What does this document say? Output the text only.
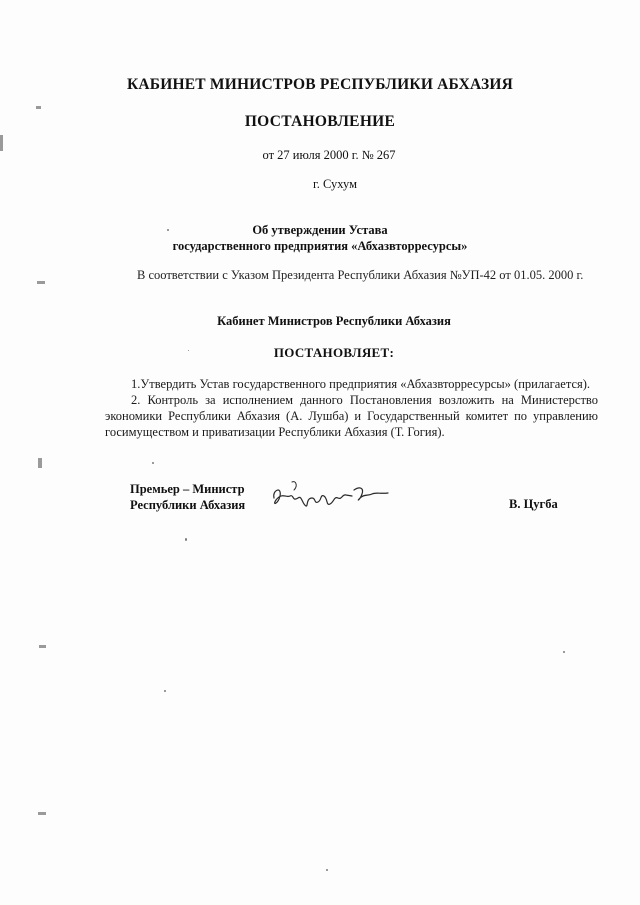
КАБИНЕТ МИНИСТРОВ РЕСПУБЛИКИ АБХАЗИЯ
ПОСТАНОВЛЕНИЕ
от 27 июля 2000 г. № 267
г. Сухум
Об утверждении Устава
государственного предприятия «Абхазвторресурсы»
В соответствии с Указом Президента Республики Абхазия №УП-42 от 01.05. 2000 г.
Кабинет Министров Республики Абхазия
ПОСТАНОВЛЯЕТ:

1.Утвердить Устав государственного предприятия «Абхазвторресурсы» (прилагается).

2. Контроль за исполнением данного Постановления возложить на Министерство экономики Республики Абхазия (А. Лушба) и Государственный комитет по управлению госимуществом и приватизации Республики Абхазия (Т. Гогия).

Премьер – Министр
Республики Абхазия	В. Цугба
